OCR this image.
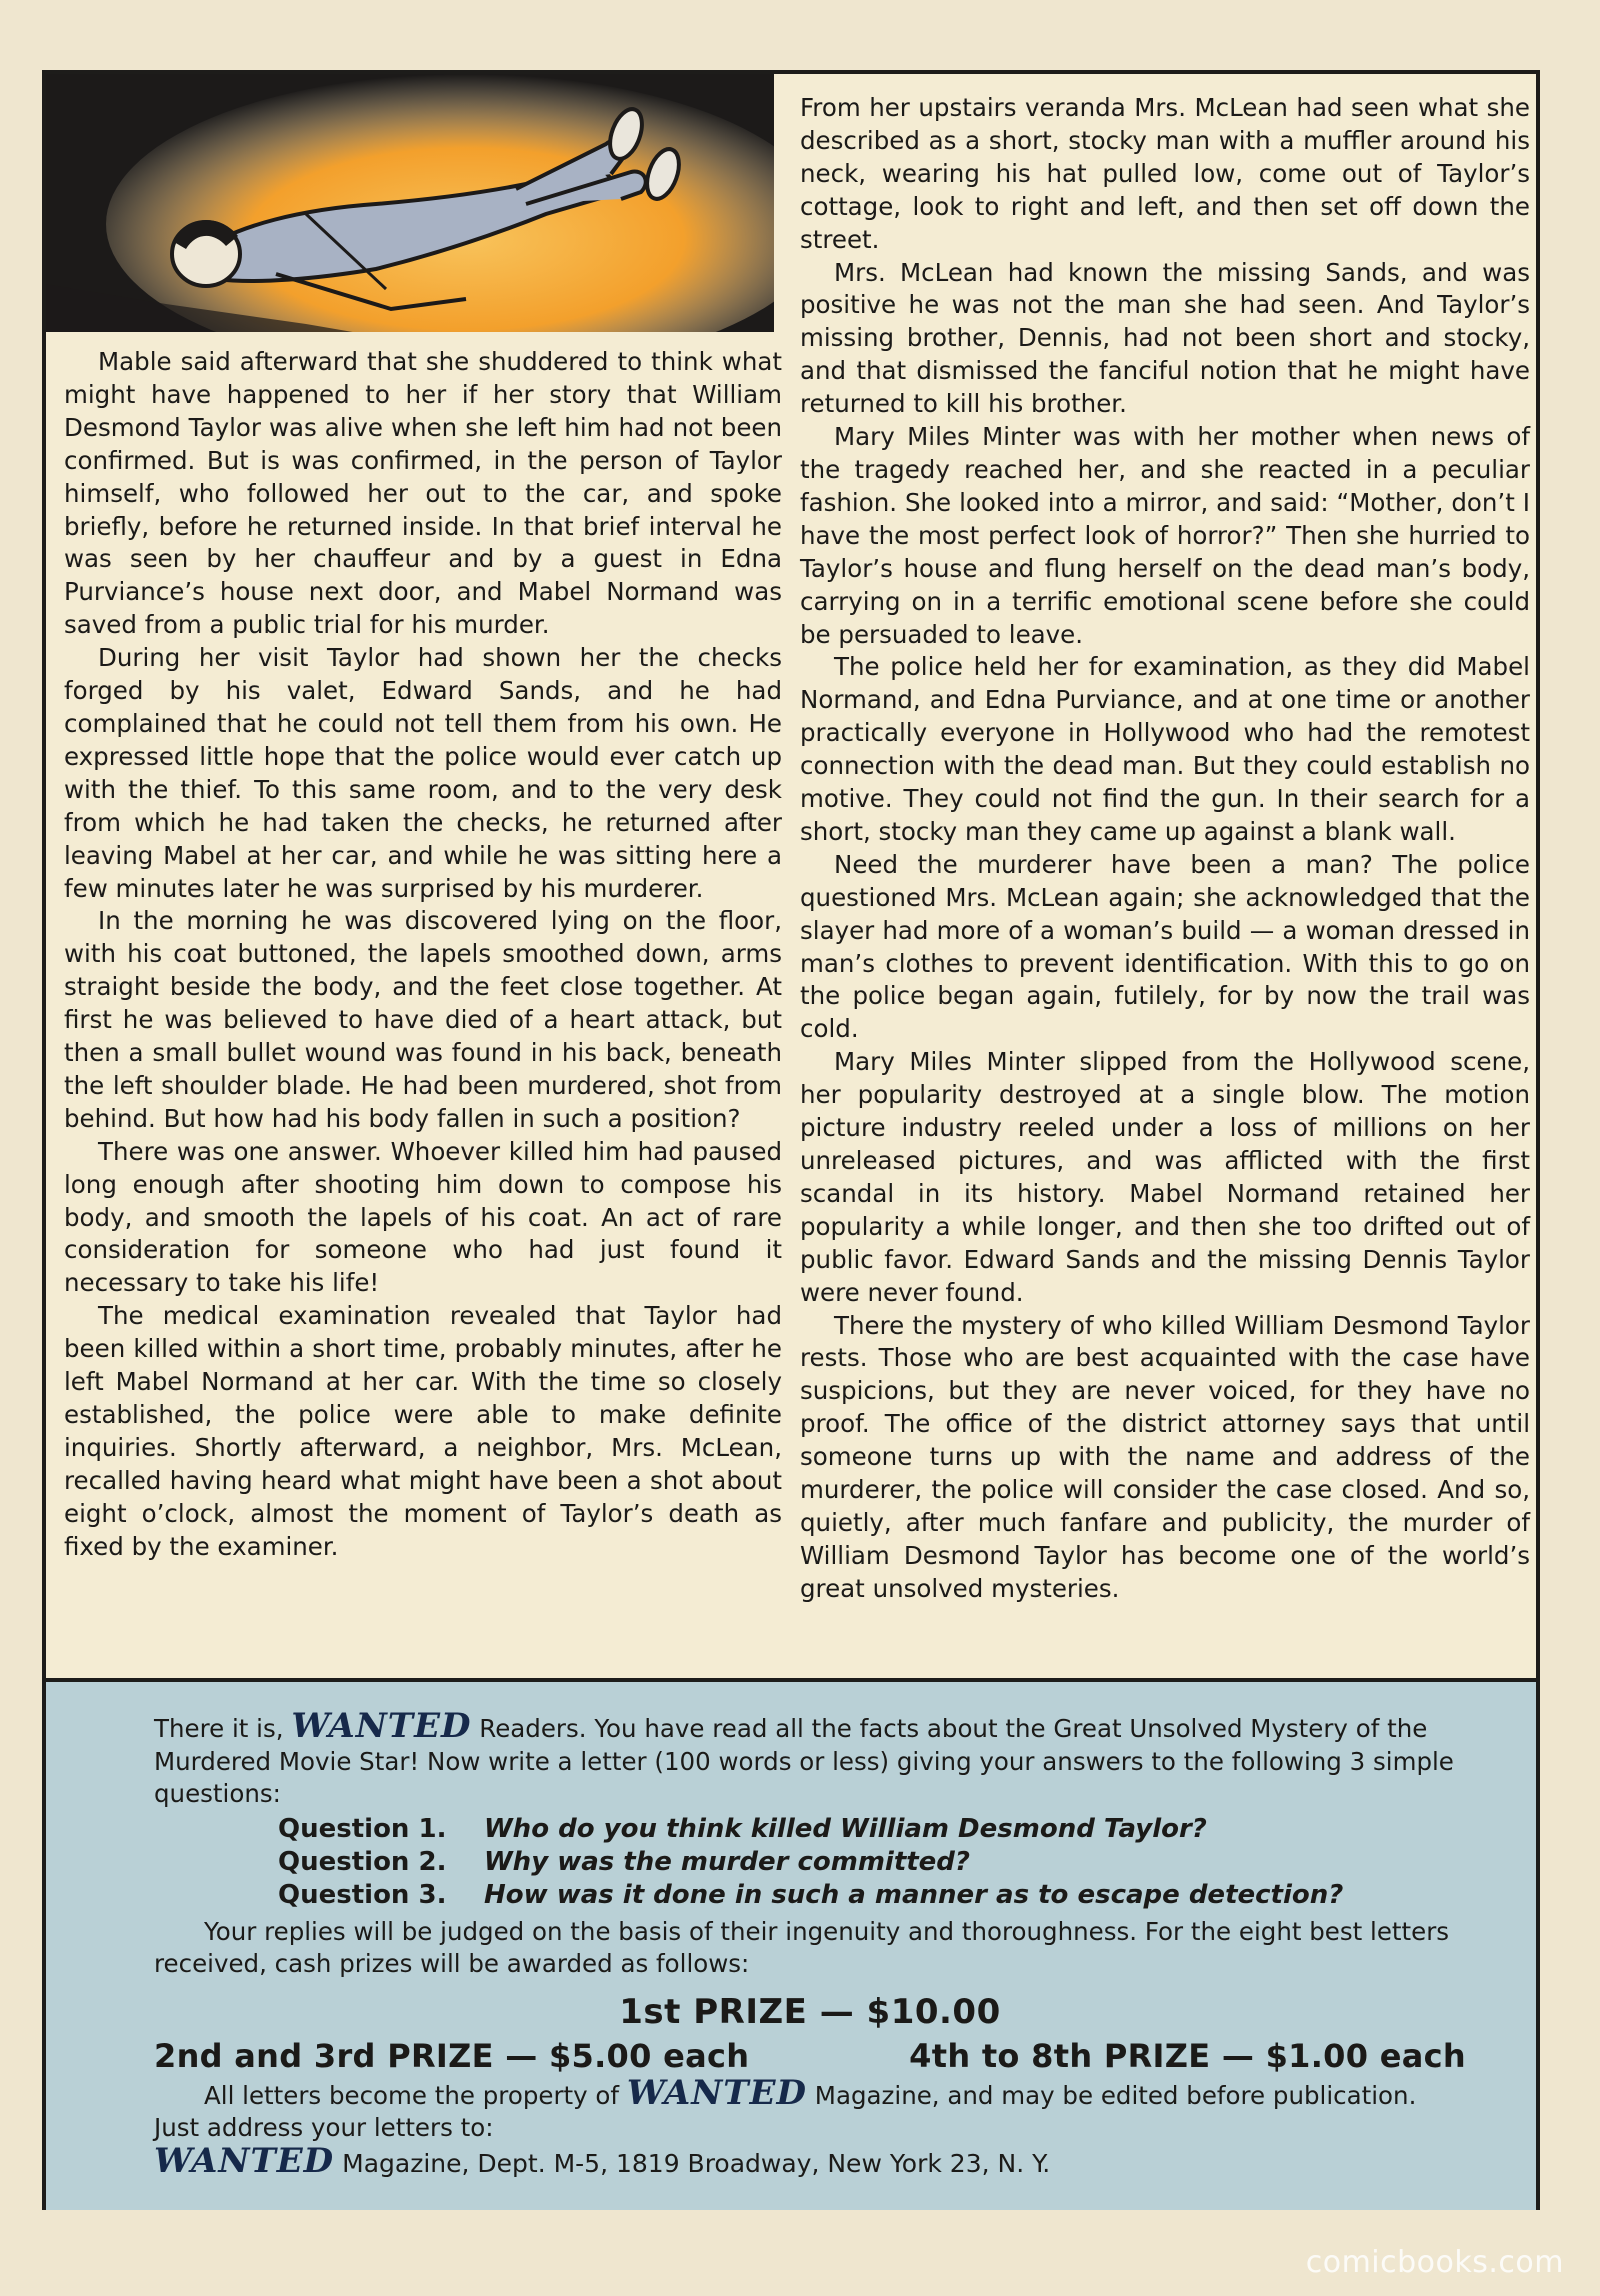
Mable said afterward that she shuddered to think what might have happened to her if her story that William Desmond Taylor was alive when she left him had not been confirmed. But is was confirmed, in the person of Taylor himself, who followed her out to the car, and spoke briefly, before he returned inside. In that brief interval he was seen by her chauffeur and by a guest in Edna Purviance’s house next door, and Mabel Normand was saved from a public trial for his murder.

During her visit Taylor had shown her the checks forged by his valet, Edward Sands, and he had complained that he could not tell them from his own. He expressed little hope that the police would ever catch up with the thief. To this same room, and to the very desk from which he had taken the checks, he returned after leaving Mabel at her car, and while he was sitting here a few minutes later he was surprised by his murderer.

In the morning he was discovered lying on the floor, with his coat buttoned, the lapels smoothed down, arms straight beside the body, and the feet close together. At first he was believed to have died of a heart attack, but then a small bullet wound was found in his back, beneath the left shoulder blade. He had been murdered, shot from behind. But how had his body fallen in such a position?

There was one answer. Whoever killed him had paused long enough after shooting him down to compose his body, and smooth the lapels of his coat. An act of rare consideration for someone who had just found it necessary to take his life!

The medical examination revealed that Taylor had been killed within a short time, probably minutes, after he left Mabel Normand at her car. With the time so closely established, the police were able to make definite inquiries. Shortly afterward, a neighbor, Mrs. McLean, recalled having heard what might have been a shot about eight o’clock, almost the moment of Taylor’s death as fixed by the examiner.

From her upstairs veranda Mrs. McLean had seen what she described as a short, stocky man with a muffler around his neck, wearing his hat pulled low, come out of Taylor’s cottage, look to right and left, and then set off down the street.

Mrs. McLean had known the missing Sands, and was positive he was not the man she had seen. And Taylor’s missing brother, Dennis, had not been short and stocky, and that dismissed the fanciful notion that he might have returned to kill his brother.

Mary Miles Minter was with her mother when news of the tragedy reached her, and she reacted in a peculiar fashion. She looked into a mirror, and said: “Mother, don’t I have the most perfect look of horror?” Then she hurried to Taylor’s house and flung herself on the dead man’s body, carrying on in a terrific emotional scene before she could be persuaded to leave.

The police held her for examination, as they did Mabel Normand, and Edna Purviance, and at one time or another practically everyone in Hollywood who had the remotest connection with the dead man. But they could establish no motive. They could not find the gun. In their search for a short, stocky man they came up against a blank wall.

Need the murderer have been a man? The police questioned Mrs. McLean again; she acknowledged that the slayer had more of a woman’s build — a woman dressed in man’s clothes to prevent identification. With this to go on the police began again, futilely, for by now the trail was cold.

Mary Miles Minter slipped from the Hollywood scene, her popularity destroyed at a single blow. The motion picture industry reeled under a loss of millions on her unreleased pictures, and was afflicted with the first scandal in its history. Mabel Normand retained her popularity a while longer, and then she too drifted out of public favor. Edward Sands and the missing Dennis Taylor were never found.

There the mystery of who killed William Desmond Taylor rests. Those who are best acquainted with the case have suspicions, but they are never voiced, for they have no proof. The office of the district attorney says that until someone turns up with the name and address of the murderer, the police will consider the case closed. And so, quietly, after much fanfare and publicity, the murder of William Desmond Taylor has become one of the world’s great unsolved mysteries.

There it is, WANTED Readers. You have read all the facts about the Great Unsolved Mystery of the Murdered Movie Star! Now write a letter (100 words or less) giving your answers to the following 3 simple questions:

Question 1.	Who do you think killed William Desmond Taylor?
Question 2.	Why was the murder committed?
Question 3.	How was it done in such a manner as to escape detection?

Your replies will be judged on the basis of their ingenuity and thoroughness. For the eight best letters received, cash prizes will be awarded as follows:

1st PRIZE — $10.00
2nd and 3rd PRIZE — $5.00 each	4th to 8th PRIZE — $1.00 each

All letters become the property of WANTED Magazine, and may be edited before publication. Just address your letters to:

WANTED Magazine, Dept. M-5, 1819 Broadway, New York 23, N. Y.

comicbooks.com
